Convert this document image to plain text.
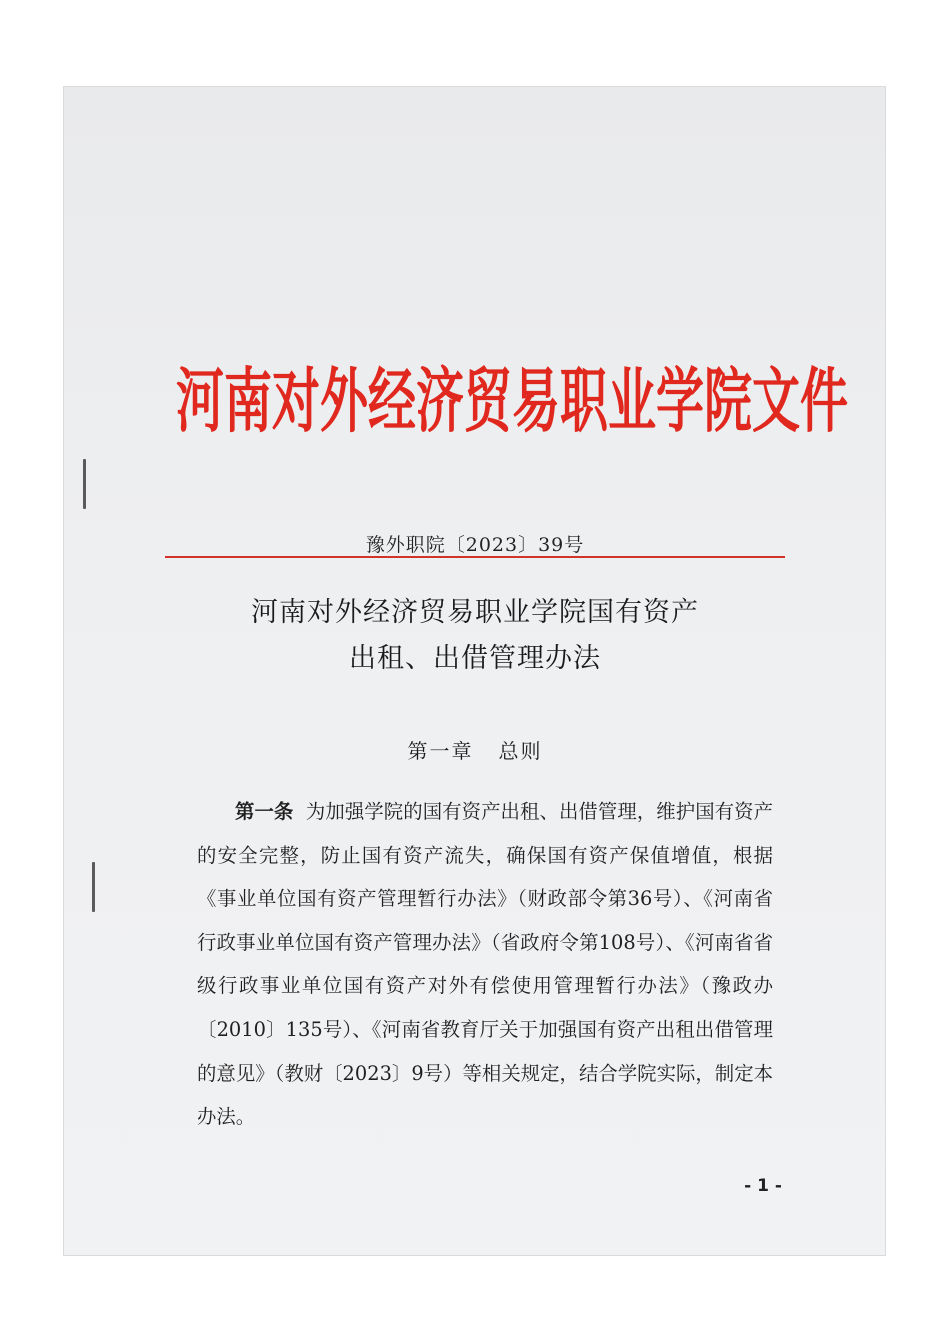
河南对外经济贸易职业学院文件
豫外职院〔2023〕39号
河南对外经济贸易职业学院国有资产
出租、出借管理办法
第一章   总则

第一条 为加强学院的国有资产出租、出借管理，维护国有资产的安全完整，防止国有资产流失，确保国有资产保值增值，根据《事业单位国有资产管理暂行办法》（财政部令第36号）、《河南省行政事业单位国有资产管理办法》（省政府令第108号）、《河南省省级行政事业单位国有资产对外有偿使用管理暂行办法》（豫政办〔2010〕135号）、《河南省教育厅关于加强国有资产出租出借管理的意见》（教财〔2023〕9号）等相关规定，结合学院实际，制定本办法。

- 1 -
